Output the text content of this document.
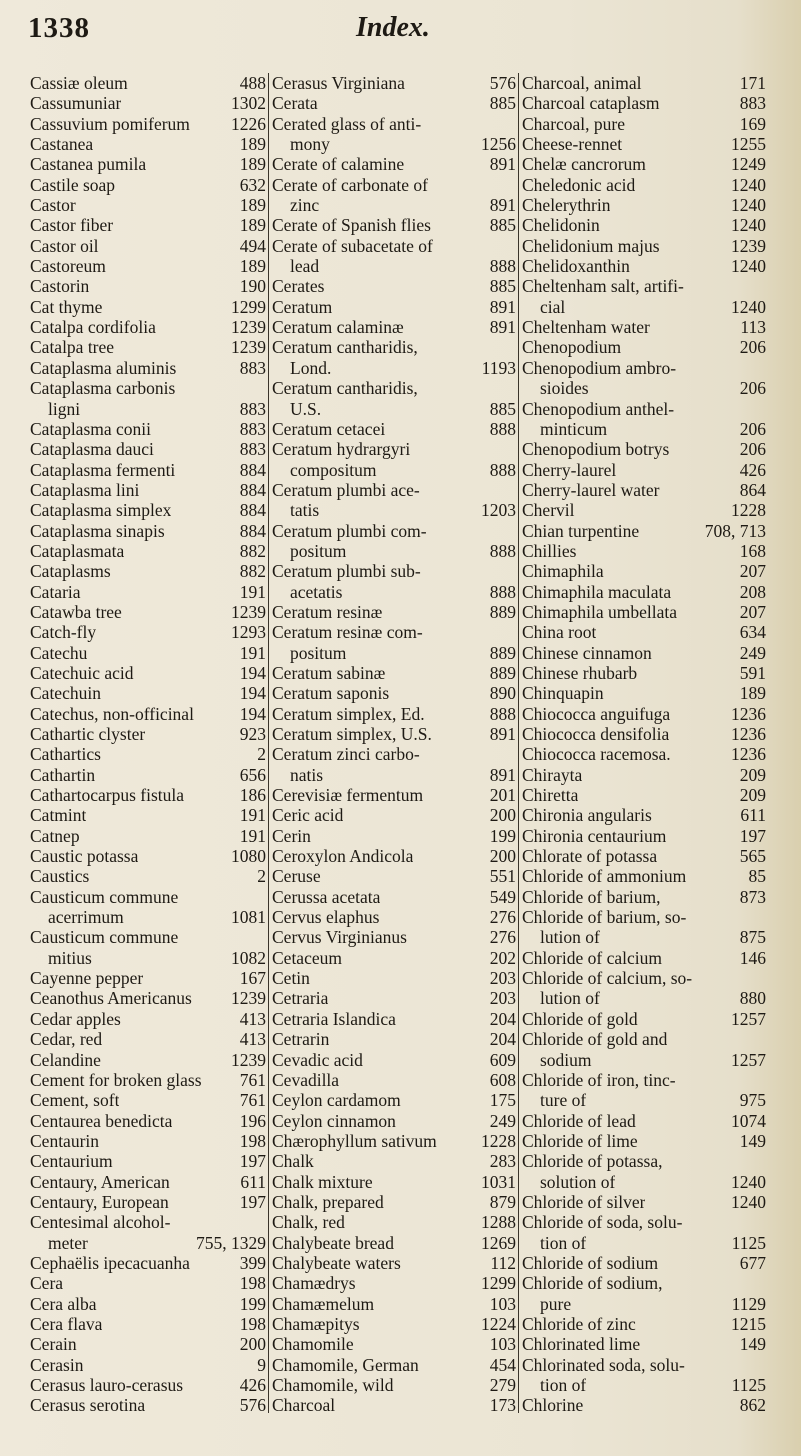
1338	Index.
Cassiæ oleum	488
Cassumuniar	1302
Cassuvium pomiferum 1226
Castanea	189
Castanea pumila	189
Castile soap	632
Castor	189
Castor fiber	189
Castor oil	494
Castoreum	189
Castorin	190
Cat thyme	1299
Catalpa cordifolia	1239
Catalpa tree	1239
Cataplasma aluminis	883
Cataplasma carbonis
ligni	883
Cataplasma conii	883
Cataplasma dauci	883
Cataplasma fermenti	884
Cataplasma lini	884
Cataplasma simplex	884
Cataplasma sinapis	884
Cataplasmata	882
Cataplasms	882
Cataria	191
Catawba tree	1239
Catch-fly	1293
Catechu	191
Catechuic acid	194
Catechuin	194
Catechus, non-officinal	194
Cathartic clyster	923
Cathartics	2
Cathartin	656
Cathartocarpus fistula	186
Catmint	191
Catnep	191
Caustic potassa	1080
Caustics	2
Causticum commune
acerrimum	1081
Causticum commune
mitius	1082
Cayenne pepper	167
Ceanothus Americanus 1239
Cedar apples	413
Cedar, red	413
Celandine	1239
Cement for broken glass 761
Cement, soft	761
Centaurea benedicta	196
Centaurin	198
Centaurium	197
Centaury, American	611
Centaury, European	197
Centesimal alcohol-
meter	755, 1329
Cephaëlis ipecacuanha	399
Cera	198
Cera alba	199
Cera flava	198
Cerain	200
Cerasin	9
Cerasus lauro-cerasus	426
Cerasus serotina	576
Cerasus Virginiana	576
Cerata	885
Cerated glass of anti-
mony	1256
Cerate of calamine	891
Cerate of carbonate of
zinc	891
Cerate of Spanish flies	885
Cerate of subacetate of
lead	888
Cerates	885
Ceratum	891
Ceratum calaminæ	891
Ceratum cantharidis,
Lond.	1193
Ceratum cantharidis,
U.S.	885
Ceratum cetacei	888
Ceratum hydrargyri
compositum	888
Ceratum plumbi ace-
tatis	1203
Ceratum plumbi com-
positum	888
Ceratum plumbi sub-
acetatis	888
Ceratum resinæ	889
Ceratum resinæ com-
positum	889
Ceratum sabinæ	889
Ceratum saponis	890
Ceratum simplex, Ed.	888
Ceratum simplex, U.S.	891
Ceratum zinci carbo-
natis	891
Cerevisiæ fermentum	201
Ceric acid	200
Cerin	199
Ceroxylon Andicola	200
Ceruse	551
Cerussa acetata	549
Cervus elaphus	276
Cervus Virginianus	276
Cetaceum	202
Cetin	203
Cetraria	203
Cetraria Islandica	204
Cetrarin	204
Cevadic acid	609
Cevadilla	608
Ceylon cardamom	175
Ceylon cinnamon	249
Chærophyllum sativum	1228
Chalk	283
Chalk mixture	1031
Chalk, prepared	879
Chalk, red	1288
Chalybeate bread	1269
Chalybeate waters	112
Chamædrys	1299
Chamæmelum	103
Chamæpitys	1224
Chamomile	103
Chamomile, German	454
Chamomile, wild	279
Charcoal	173
Charcoal, animal	171
Charcoal cataplasm	883
Charcoal, pure	169
Cheese-rennet	1255
Chelæ cancrorum	1249
Cheledonic acid	1240
Chelerythrin	1240
Chelidonin	1240
Chelidonium majus	1239
Chelidoxanthin	1240
Cheltenham salt, artifi-
cial	1240
Cheltenham water	113
Chenopodium	206
Chenopodium ambro-
sioides	206
Chenopodium anthel-
minticum	206
Chenopodium botrys	206
Cherry-laurel	426
Cherry-laurel water	864
Chervil	1228
Chian turpentine	708, 713
Chillies	168
Chimaphila	207
Chimaphila maculata	208
Chimaphila umbellata	207
China root	634
Chinese cinnamon	249
Chinese rhubarb	591
Chinquapin	189
Chiococca anguifuga	1236
Chiococca densifolia	1236
Chiococca racemosa.	1236
Chirayta	209
Chiretta	209
Chironia angularis	611
Chironia centaurium	197
Chlorate of potassa	565
Chloride of ammonium	85
Chloride of barium,	873
Chloride of barium, so-
lution of	875
Chloride of calcium	146
Chloride of calcium, so-
lution of	880
Chloride of gold	1257
Chloride of gold and
sodium	1257
Chloride of iron, tinc-
ture of	975
Chloride of lead	1074
Chloride of lime	149
Chloride of potassa,
solution of	1240
Chloride of silver	1240
Chloride of soda, solu-
tion of	1125
Chloride of sodium	677
Chloride of sodium,
pure	1129
Chloride of zinc	1215
Chlorinated lime	149
Chlorinated soda, solu-
tion of	1125
Chlorine	862
